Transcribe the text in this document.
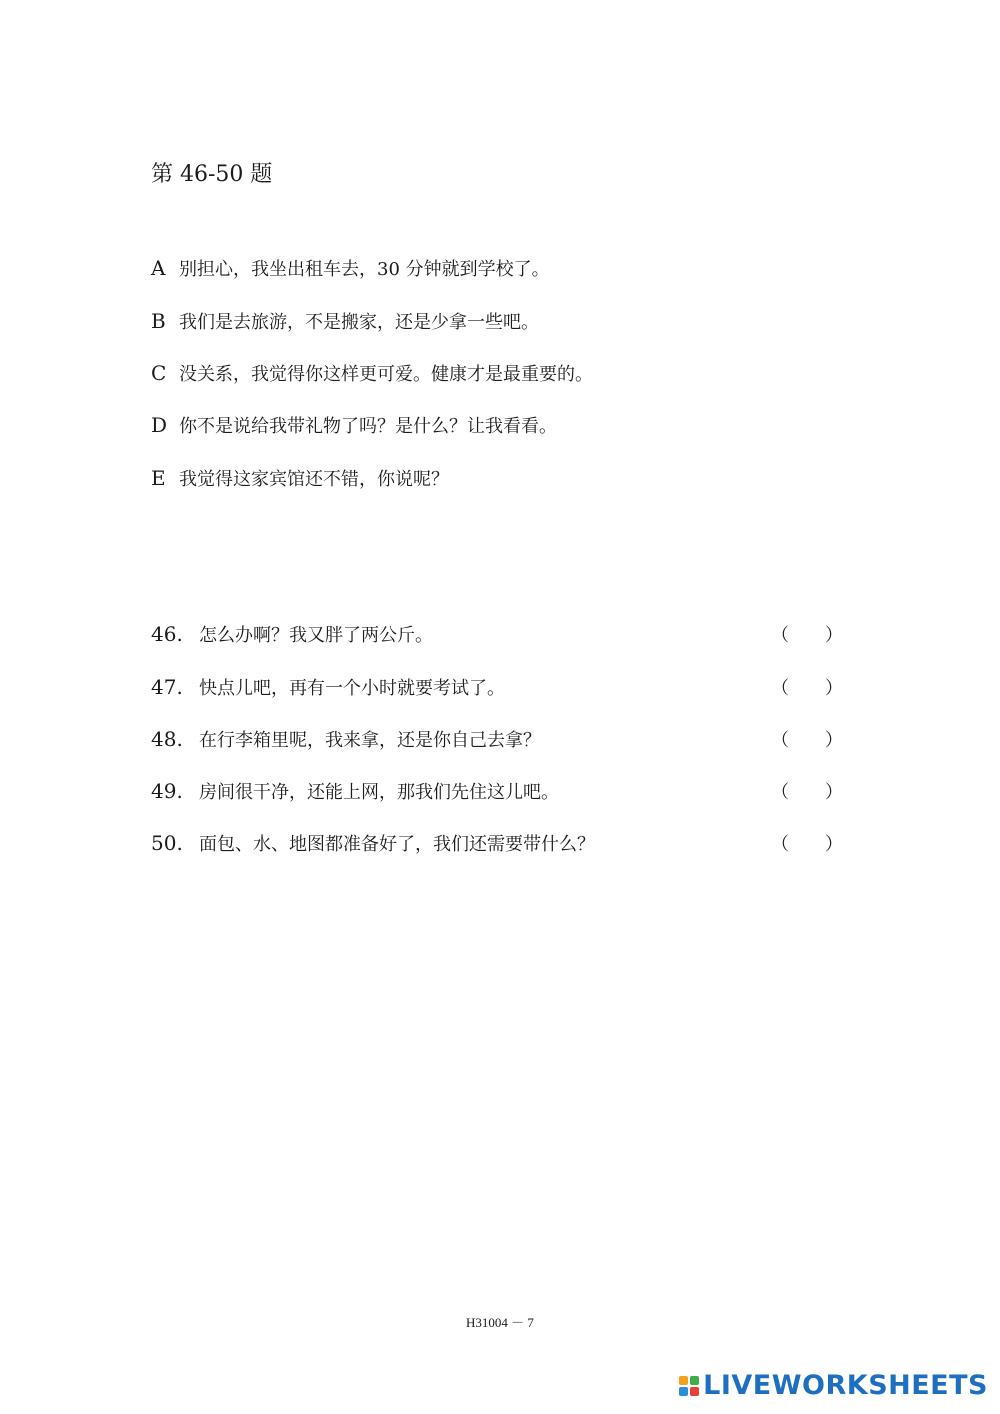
第 46-50 题
A 别担心，我坐出租车去，30 分钟就到学校了。
B 我们是去旅游，不是搬家，还是少拿一些吧。
C 没关系，我觉得你这样更可爱。健康才是最重要的。
D 你不是说给我带礼物了吗？是什么？让我看看。
E 我觉得这家宾馆还不错，你说呢？
46. 怎么办啊？我又胖了两公斤。	（ ）
47. 快点儿吧，再有一个小时就要考试了。	（ ）
48. 在行李箱里呢，我来拿，还是你自己去拿？	（ ）
49. 房间很干净，还能上网，那我们先住这儿吧。	（ ）
50. 面包、水、地图都准备好了，我们还需要带什么？	（ ）
H31004 － 7
LIVEWORKSHEETS
